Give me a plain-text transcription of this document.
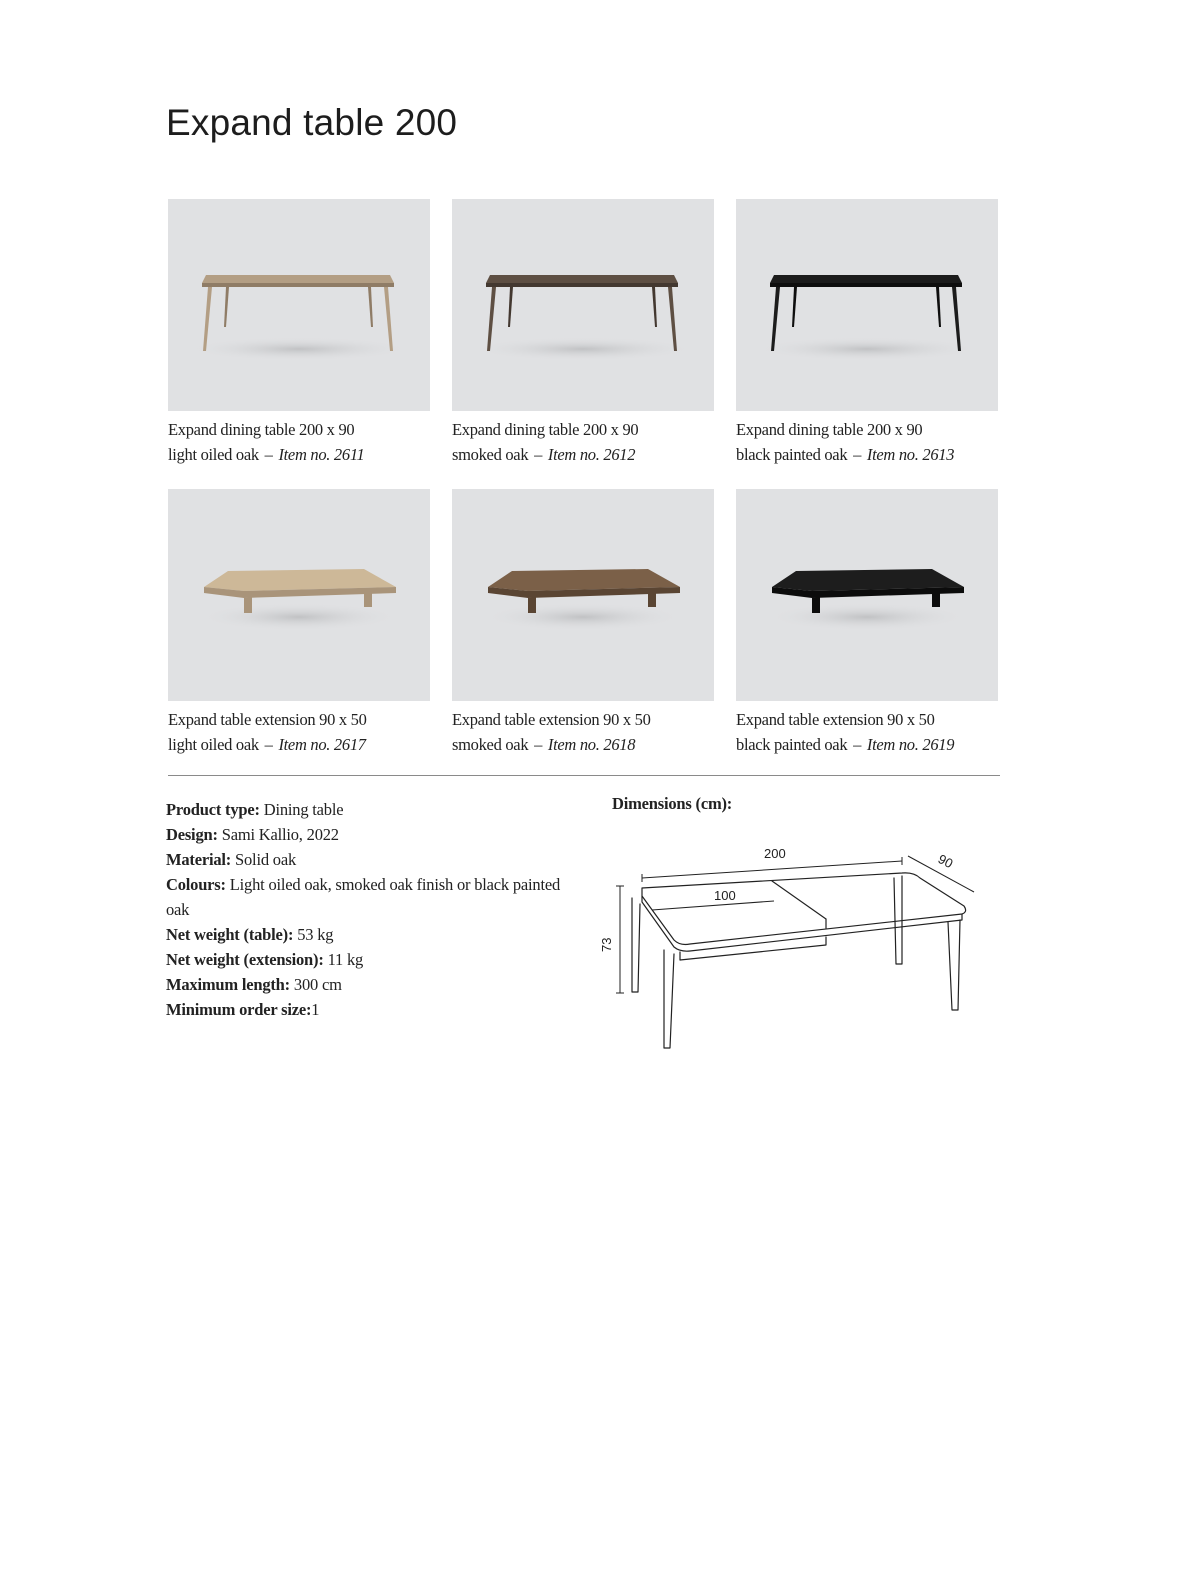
Expand table 200
Expand dining table 200 x 90
light oiled oak – Item no. 2611
Expand dining table 200 x 90
smoked oak – Item no. 2612
Expand dining table 200 x 90
black painted oak – Item no. 2613
Expand table extension 90 x 50
light oiled oak – Item no. 2617
Expand table extension 90 x 50
smoked oak – Item no. 2618
Expand table extension 90 x 50
black painted oak – Item no. 2619
Product type: Dining table
Design: Sami Kallio, 2022
Material: Solid oak
Colours: Light oiled oak, smoked oak finish or black painted oak
Net weight (table): 53 kg
Net weight (extension): 11 kg
Maximum length: 300 cm
Minimum order size:1
Dimensions (cm):
200	90
73
100
